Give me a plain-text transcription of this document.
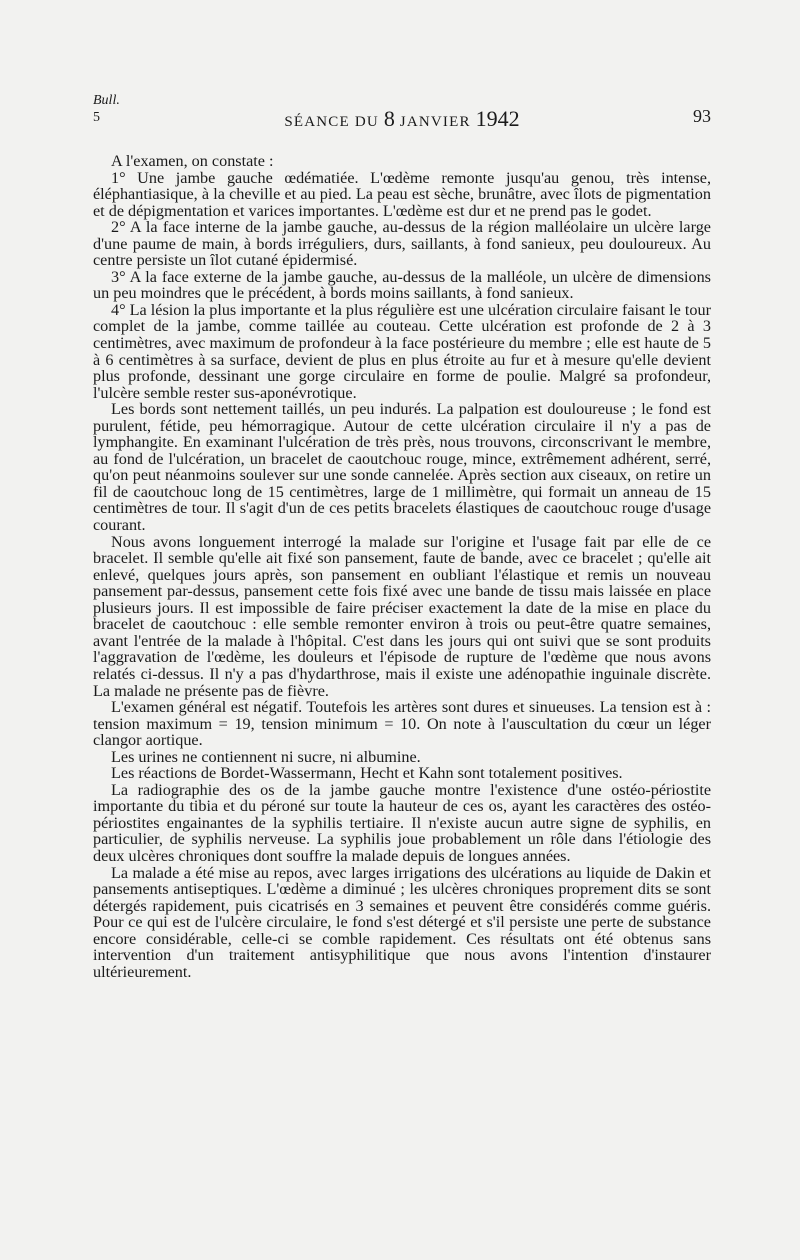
Bull.
5	SÉANCE DU 8 JANVIER 1942	93

A l'examen, on constate :

1° Une jambe gauche œdématiée. L'œdème remonte jusqu'au genou, très intense, éléphantiasique, à la cheville et au pied. La peau est sèche, brunâtre, avec îlots de pigmentation et de dépigmentation et varices importantes. L'œdème est dur et ne prend pas le godet.

2° A la face interne de la jambe gauche, au-dessus de la région malléolaire un ulcère large d'une paume de main, à bords irréguliers, durs, saillants, à fond sanieux, peu douloureux. Au centre persiste un îlot cutané épidermisé.

3° A la face externe de la jambe gauche, au-dessus de la malléole, un ulcère de dimensions un peu moindres que le précédent, à bords moins saillants, à fond sanieux.

4° La lésion la plus importante et la plus régulière est une ulcération circulaire faisant le tour complet de la jambe, comme taillée au couteau. Cette ulcération est profonde de 2 à 3 centimètres, avec maximum de profondeur à la face postérieure du membre ; elle est haute de 5 à 6 centimètres à sa surface, devient de plus en plus étroite au fur et à mesure qu'elle devient plus profonde, dessinant une gorge circulaire en forme de poulie. Malgré sa profondeur, l'ulcère semble rester sus-aponévrotique.

Les bords sont nettement taillés, un peu indurés. La palpation est douloureuse ; le fond est purulent, fétide, peu hémorragique. Autour de cette ulcération circulaire il n'y a pas de lymphangite. En examinant l'ulcération de très près, nous trouvons, circonscrivant le membre, au fond de l'ulcération, un bracelet de caoutchouc rouge, mince, extrêmement adhérent, serré, qu'on peut néanmoins soulever sur une sonde cannelée. Après section aux ciseaux, on retire un fil de caoutchouc long de 15 centimètres, large de 1 millimètre, qui formait un anneau de 15 centimètres de tour. Il s'agit d'un de ces petits bracelets élastiques de caoutchouc rouge d'usage courant.

Nous avons longuement interrogé la malade sur l'origine et l'usage fait par elle de ce bracelet. Il semble qu'elle ait fixé son pansement, faute de bande, avec ce bracelet ; qu'elle ait enlevé, quelques jours après, son pansement en oubliant l'élastique et remis un nouveau pansement par-dessus, pansement cette fois fixé avec une bande de tissu mais laissée en place plusieurs jours. Il est impossible de faire préciser exactement la date de la mise en place du bracelet de caoutchouc : elle semble remonter environ à trois ou peut-être quatre semaines, avant l'entrée de la malade à l'hôpital. C'est dans les jours qui ont suivi que se sont produits l'aggravation de l'œdème, les douleurs et l'épisode de rupture de l'œdème que nous avons relatés ci-dessus. Il n'y a pas d'hydarthrose, mais il existe une adénopathie inguinale discrète. La malade ne présente pas de fièvre.

L'examen général est négatif. Toutefois les artères sont dures et sinueuses. La tension est à : tension maximum = 19, tension minimum = 10. On note à l'auscultation du cœur un léger clangor aortique.

Les urines ne contiennent ni sucre, ni albumine.

Les réactions de Bordet-Wassermann, Hecht et Kahn sont totalement positives.

La radiographie des os de la jambe gauche montre l'existence d'une ostéo-périostite importante du tibia et du péroné sur toute la hauteur de ces os, ayant les caractères des ostéo-périostites engainantes de la syphilis tertiaire. Il n'existe aucun autre signe de syphilis, en particulier, de syphilis nerveuse. La syphilis joue probablement un rôle dans l'étiologie des deux ulcères chroniques dont souffre la malade depuis de longues années.

La malade a été mise au repos, avec larges irrigations des ulcérations au liquide de Dakin et pansements antiseptiques. L'œdème a diminué ; les ulcères chroniques proprement dits se sont détergés rapidement, puis cicatrisés en 3 semaines et peuvent être considérés comme guéris. Pour ce qui est de l'ulcère circulaire, le fond s'est détergé et s'il persiste une perte de substance encore considérable, celle-ci se comble rapidement. Ces résultats ont été obtenus sans intervention d'un traitement antisyphilitique que nous avons l'intention d'instaurer ultérieurement.
